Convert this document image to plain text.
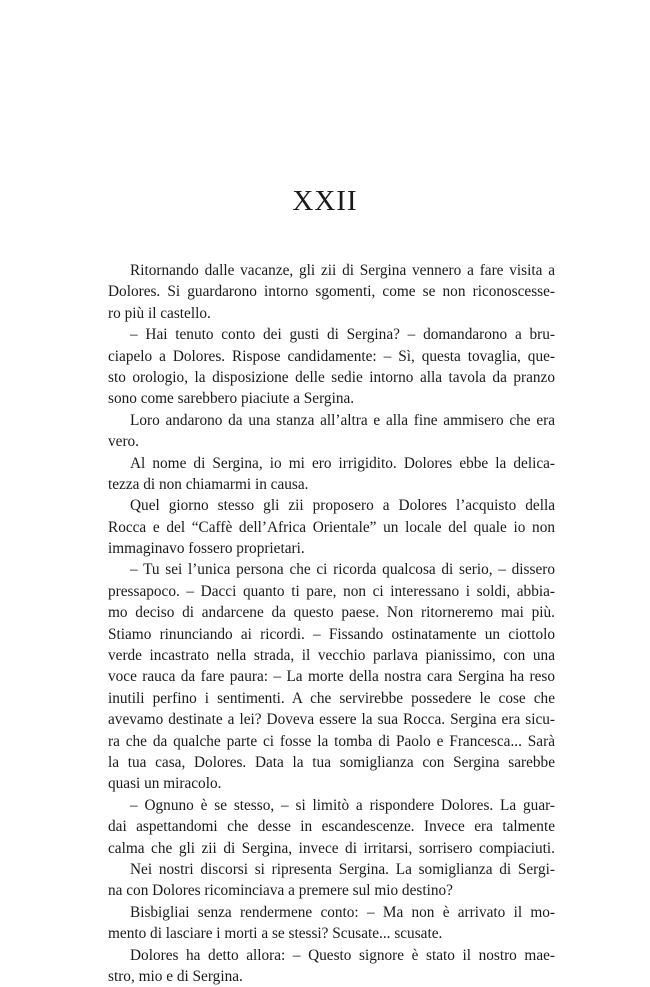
XXII
Ritornando dalle vacanze, gli zii di Sergina vennero a fare visita a
Dolores. Si guardarono intorno sgomenti, come se non riconoscesse-
ro più il castello.
– Hai tenuto conto dei gusti di Sergina? – domandarono a bru-
ciapelo a Dolores. Rispose candidamente: – Sì, questa tovaglia, que-
sto orologio, la disposizione delle sedie intorno alla tavola da pranzo
sono come sarebbero piaciute a Sergina.
Loro andarono da una stanza all’altra e alla fine ammisero che era
vero.
Al nome di Sergina, io mi ero irrigidito. Dolores ebbe la delica-
tezza di non chiamarmi in causa.
Quel giorno stesso gli zii proposero a Dolores l’acquisto della
Rocca e del “Caffè dell’Africa Orientale” un locale del quale io non
immaginavo fossero proprietari.
– Tu sei l’unica persona che ci ricorda qualcosa di serio, – dissero
pressapoco. – Dacci quanto ti pare, non ci interessano i soldi, abbia-
mo deciso di andarcene da questo paese. Non ritorneremo mai più.
Stiamo rinunciando ai ricordi. – Fissando ostinatamente un ciottolo
verde incastrato nella strada, il vecchio parlava pianissimo, con una
voce rauca da fare paura: – La morte della nostra cara Sergina ha reso
inutili perfino i sentimenti. A che servirebbe possedere le cose che
avevamo destinate a lei? Doveva essere la sua Rocca. Sergina era sicu-
ra che da qualche parte ci fosse la tomba di Paolo e Francesca... Sarà
la tua casa, Dolores. Data la tua somiglianza con Sergina sarebbe
quasi un miracolo.
– Ognuno è se stesso, – si limitò a rispondere Dolores. La guar-
dai aspettandomi che desse in escandescenze. Invece era talmente
calma che gli zii di Sergina, invece di irritarsi, sorrisero compiaciuti.
Nei nostri discorsi si ripresenta Sergina. La somiglianza di Sergi-
na con Dolores ricominciava a premere sul mio destino?
Bisbigliai senza rendermene conto: – Ma non è arrivato il mo-
mento di lasciare i morti a se stessi? Scusate... scusate.
Dolores ha detto allora: – Questo signore è stato il nostro mae-
stro, mio e di Sergina.
